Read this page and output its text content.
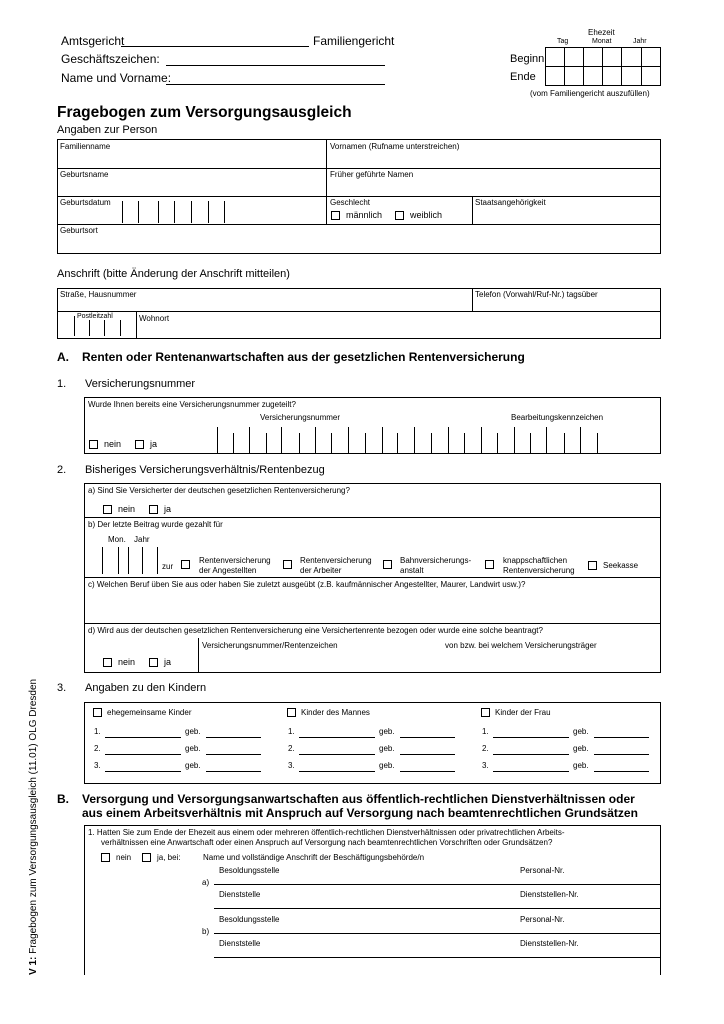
Amtsgericht	Familiengericht
Geschäftszeichen:
Name und Vorname:
Ehezeit
Tag	Monat	Jahr
Beginn
Ende
(vom Familiengericht auszufüllen)
Fragebogen zum Versorgungsausgleich
Angaben zur Person
Familienname	Vornamen (Rufname unterstreichen)
Geburtsname	Früher geführte Namen
Geburtsdatum	Geschlecht
männlich	weiblich
Staatsangehörigkeit
Geburtsort
Anschrift (bitte Änderung der Anschrift mitteilen)
Straße, Hausnummer	Telefon (Vorwahl/Ruf-Nr.) tagsüber
Postleitzahl	Wohnort
A. Renten oder Rentenanwartschaften aus der gesetzlichen Rentenversicherung
1. Versicherungsnummer
Wurde Ihnen bereits eine Versicherungsnummer zugeteilt?
Versicherungsnummer	Bearbeitungskennzeichen
nein	ja
2. Bisheriges Versicherungsverhältnis/Rentenbezug
a) Sind Sie Versicherter der deutschen gesetzlichen Rentenversicherung?
nein	ja
b) Der letzte Beitrag wurde gezahlt für
Mon. Jahr
zur
Rentenversicherung
der Angestellten
Rentenversicherung
der Arbeiter
Bahnversicherungs-
anstalt
knappschaftlichen
Rentenversicherung
Seekasse
c) Welchen Beruf üben Sie aus oder haben Sie zuletzt ausgeübt (z.B. kaufmännischer Angestellter, Maurer, Landwirt usw.)?
d) Wird aus der deutschen gesetzlichen Rentenversicherung eine Versichertenrente bezogen oder wurde eine solche beantragt?
Versicherungsnummer/Rentenzeichen	von bzw. bei welchem Versicherungsträger
nein	ja
3. Angaben zu den Kindern
ehegemeinsame Kinder
1.	geb.
2.	geb.
3.	geb.
Kinder des Mannes
1.	geb.
2.	geb.
3.	geb.
Kinder der Frau
1.	geb.
2.	geb.
3.	geb.
B. Versorgung und Versorgungsanwartschaften aus öffentlich-rechtlichen Dienstverhältnissen oder
aus einem Arbeitsverhältnis mit Anspruch auf Versorgung nach beamtenrechtlichen Grundsätzen
1. Hatten Sie zum Ende der Ehezeit aus einem oder mehreren öffentlich-rechtlichen Dienstverhältnissen oder privatrechtlichen Arbeits-
verhältnissen eine Anwartschaft oder einen Anspruch auf Versorgung nach beamtenrechtlichen Vorschriften oder Grundsätzen?
nein	ja, bei:	Name und vollständige Anschrift der Beschäftigungsbehörde/n
Besoldungsstelle	Personal-Nr.
a)
Dienststelle	Dienststellen-Nr.
Besoldungsstelle	Personal-Nr.
b)
Dienststelle	Dienststellen-Nr.
V 1: Fragebogen zum Versorgungsausgleich (11.01) OLG Dresden
